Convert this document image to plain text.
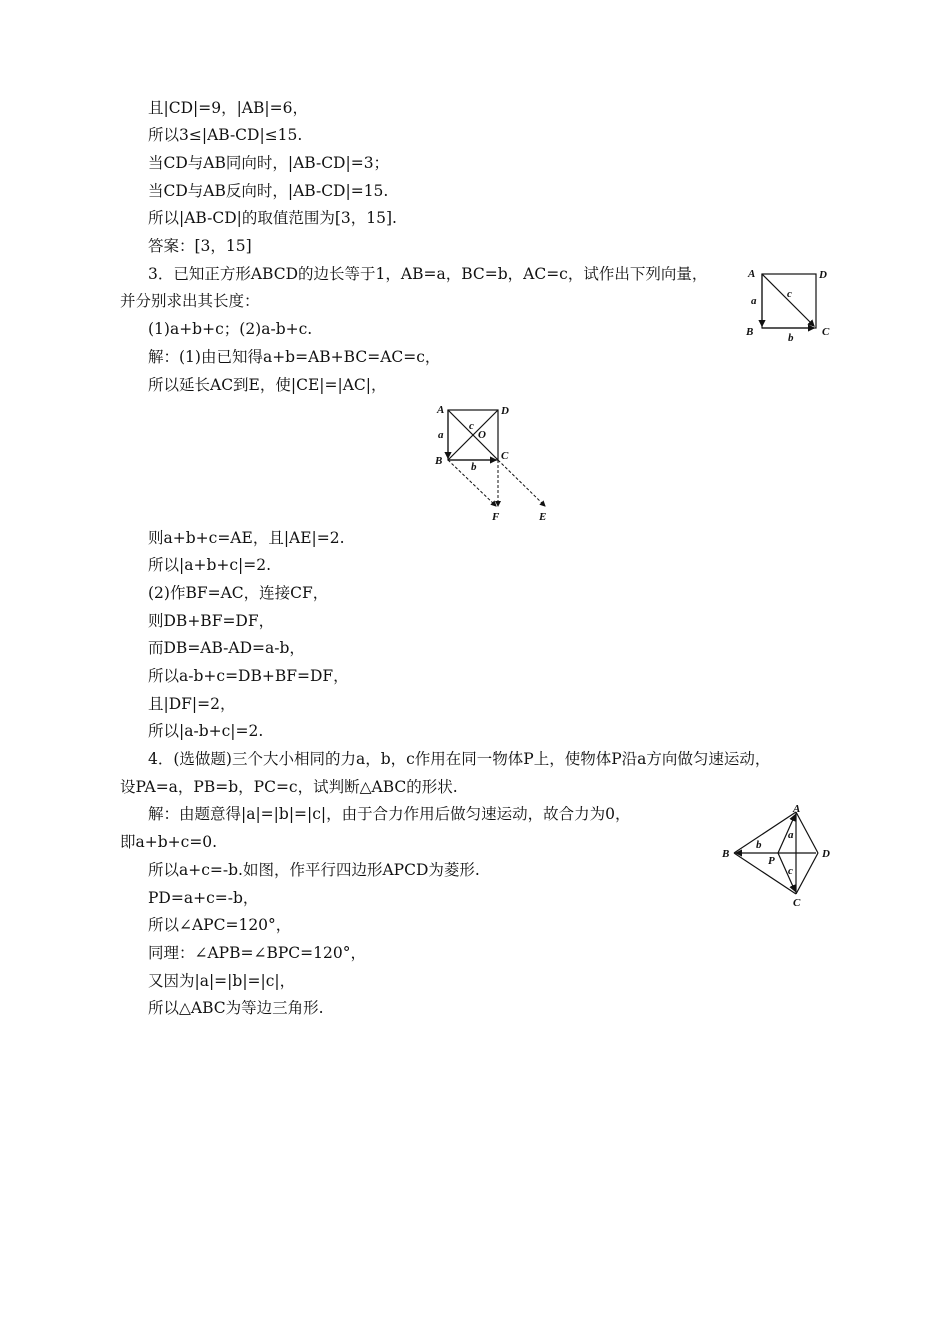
且|CD|=9，|AB|=6，
所以3≤|AB-CD|≤15.
当CD与AB同向时，|AB-CD|=3；
当CD与AB反向时，|AB-CD|=15.
所以|AB-CD|的取值范围为[3，15].
答案：[3，15]
3．已知正方形ABCD的边长等于1，AB=a，BC=b，AC=c，试作出下列向量，
并分别求出其长度：
(1)a+b+c；(2)a-b+c.
解：(1)由已知得a+b=AB+BC=AC=c，
所以延长AC到E，使|CE|=|AC|，
则a+b+c=AE，且|AE|=2.
所以|a+b+c|=2.
(2)作BF=AC，连接CF，
则DB+BF=DF，
而DB=AB-AD=a-b，
所以a-b+c=DB+BF=DF，
且|DF|=2，
所以|a-b+c|=2.
4．(选做题)三个大小相同的力a，b，c作用在同一物体P上，使物体P沿a方向做匀速运动，
设PA=a，PB=b，PC=c，试判断△ABC的形状.
解：由题意得|a|=|b|=|c|，由于合力作用后做匀速运动，故合力为0，
即a+b+c=0.
所以a+c=-b.如图，作平行四边形APCD为菱形.
PD=a+c=-b，
所以∠APC=120°，
同理：∠APB=∠BPC=120°，
又因为|a|=|b|=|c|，
所以△ABC为等边三角形.
A	D
B	C
a
b
c
A	D
B	C
O
a
b
c
F	E
A
B
C
D
P
a
b
c
